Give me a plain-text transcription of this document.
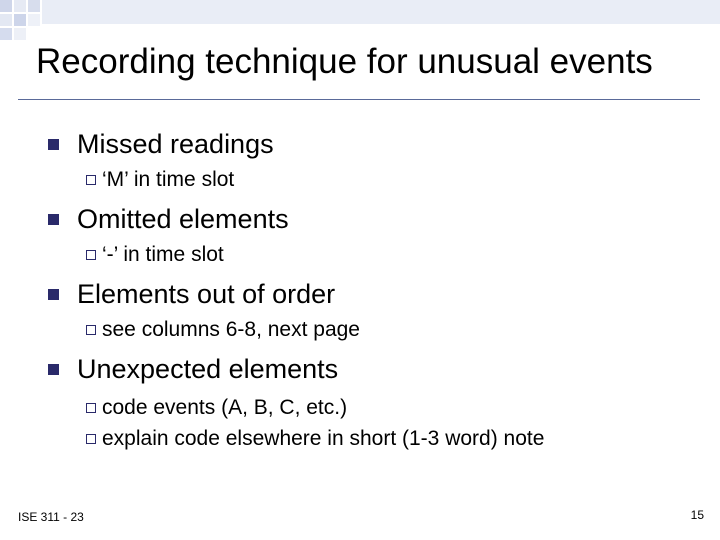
Recording technique for unusual events
Missed readings
‘M’ in time slot
Omitted elements
‘-’ in time slot
Elements out of order
see columns 6-8, next page
Unexpected elements
code events (A, B, C, etc.)
explain code elsewhere in short (1-3 word) note
ISE 311 - 23	15
